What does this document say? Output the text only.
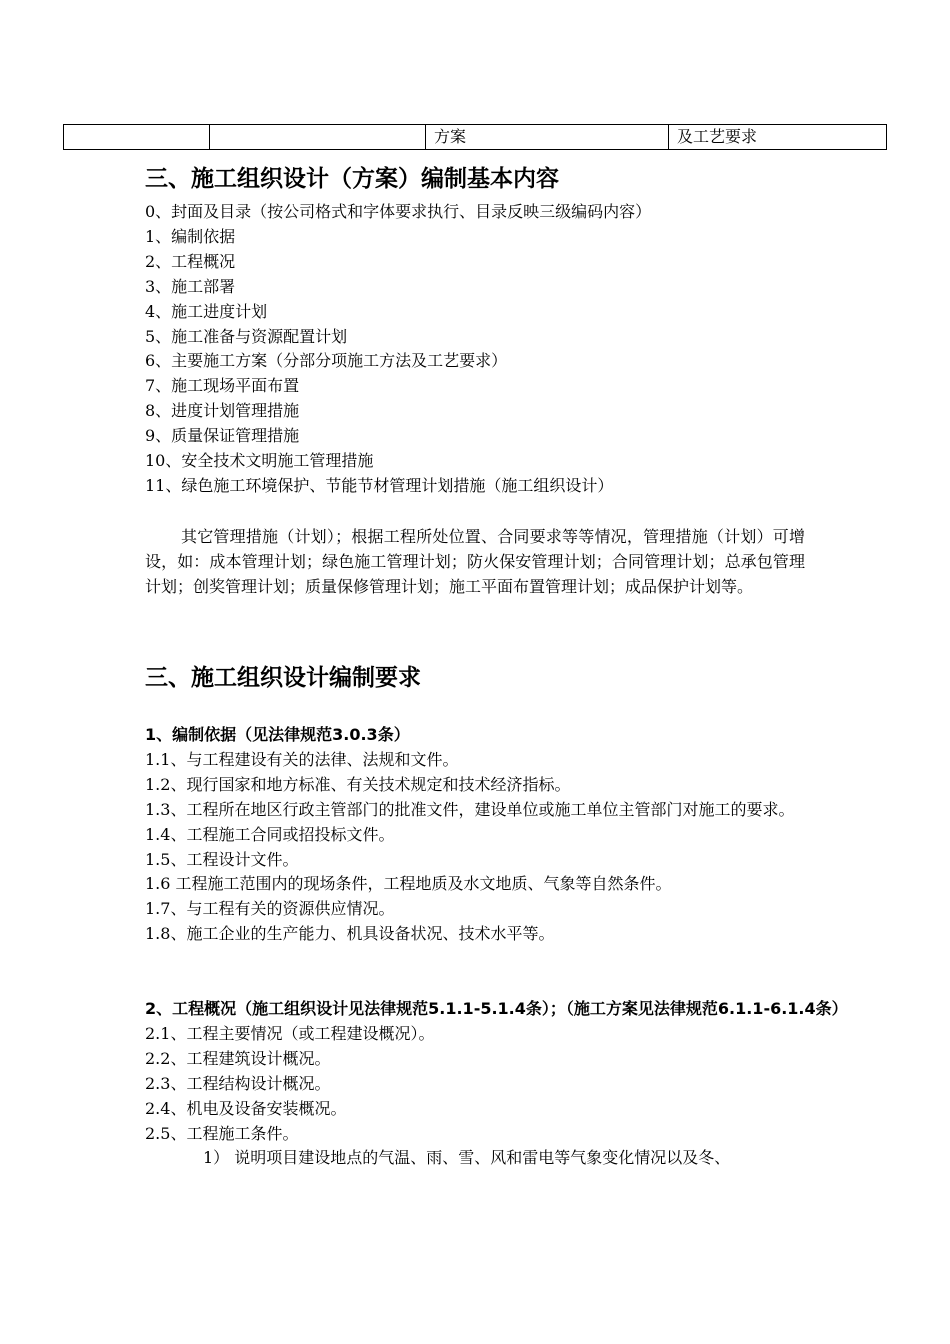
方案	及工艺要求
三、施工组织设计（方案）编制基本内容
0、封面及目录（按公司格式和字体要求执行、目录反映三级编码内容）
1、编制依据
2、工程概况
3、施工部署
4、施工进度计划
5、施工准备与资源配置计划
6、主要施工方案（分部分项施工方法及工艺要求）
7、施工现场平面布置
8、进度计划管理措施
9、质量保证管理措施
10、安全技术文明施工管理措施
11、绿色施工环境保护、节能节材管理计划措施（施工组织设计）

其它管理措施（计划）；根据工程所处位置、合同要求等等情况，管理措施（计划）可增设，如：成本管理计划；绿色施工管理计划；防火保安管理计划；合同管理计划；总承包管理计划；创奖管理计划；质量保修管理计划；施工平面布置管理计划；成品保护计划等。

三、施工组织设计编制要求
1、编制依据（见法律规范3.0.3条）
1.1、与工程建设有关的法律、法规和文件。
1.2、现行国家和地方标准、有关技术规定和技术经济指标。
1.3、工程所在地区行政主管部门的批准文件，建设单位或施工单位主管部门对施工的要求。
1.4、工程施工合同或招投标文件。
1.5、工程设计文件。
1.6 工程施工范围内的现场条件，工程地质及水文地质、气象等自然条件。
1.7、与工程有关的资源供应情况。
1.8、施工企业的生产能力、机具设备状况、技术水平等。
2、工程概况（施工组织设计见法律规范5.1.1-5.1.4条）；（施工方案见法律规范6.1.1-6.1.4条）
2.1、工程主要情况（或工程建设概况）。
2.2、工程建筑设计概况。
2.3、工程结构设计概况。
2.4、机电及设备安装概况。
2.5、工程施工条件。
1） 说明项目建设地点的气温、雨、雪、风和雷电等气象变化情况以及冬、
